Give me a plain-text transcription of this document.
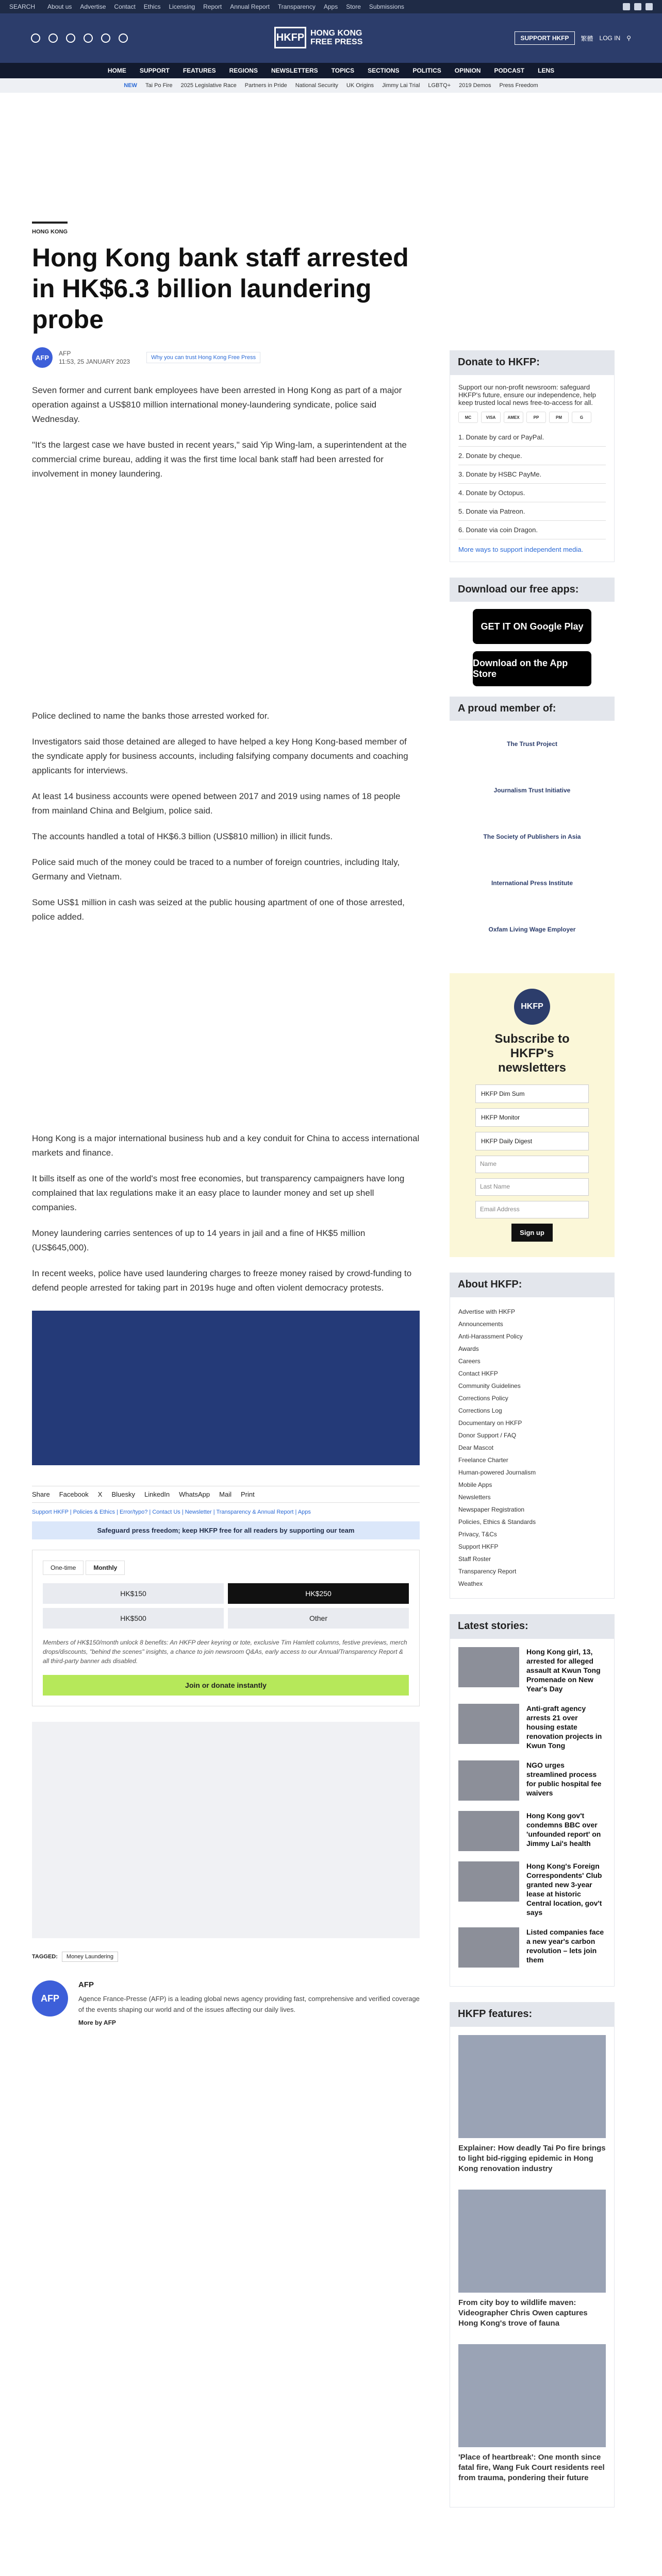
SEARCH About us Advertise Contact Ethics Licensing Report Annual Report Transparency Apps Store Submissions
HKFP HONG KONG
FREE PRESS	SUPPORT HKFP	繁體 LOG IN ⚲
HOME SUPPORT FEATURES REGIONS NEWSLETTERS TOPICS SECTIONS POLITICS OPINION PODCAST LENS
NEW Tai Po Fire 2025 Legislative Race Partners in Pride National Security UK Origins Jimmy Lai Trial LGBTQ+ 2019 Demos Press Freedom
HONG KONG
Hong Kong bank staff arrested in HK$6.3 billion laundering probe
AFP
AFP
11:53, 25 JANUARY 2023
Why you can trust Hong Kong Free Press

Seven former and current bank employees have been arrested in Hong Kong as part of a major operation against a US$810 million international money-laundering syndicate, police said Wednesday.

"It's the largest case we have busted in recent years," said Yip Wing-lam, a superintendent at the commercial crime bureau, adding it was the first time local bank staff had been arrested for involvement in money laundering.

Police declined to name the banks those arrested worked for.

Investigators said those detained are alleged to have helped a key Hong Kong-based member of the syndicate apply for business accounts, including falsifying company documents and coaching applicants for interviews.

At least 14 business accounts were opened between 2017 and 2019 using names of 18 people from mainland China and Belgium, police said.

The accounts handled a total of HK$6.3 billion (US$810 million) in illicit funds.

Police said much of the money could be traced to a number of foreign countries, including Italy, Germany and Vietnam.

Some US$1 million in cash was seized at the public housing apartment of one of those arrested, police added.

Hong Kong is a major international business hub and a key conduit for China to access international markets and finance.

It bills itself as one of the world's most free economies, but transparency campaigners have long complained that lax regulations make it an easy place to launder money and set up shell companies.

Money laundering carries sentences of up to 14 years in jail and a fine of HK$5 million (US$645,000).

In recent weeks, police have used laundering charges to freeze money raised by crowd-funding to defend people arrested for taking part in 2019s huge and often violent democracy protests.

Share Facebook X Bluesky LinkedIn WhatsApp Mail Print
Support HKFP | Policies & Ethics | Error/typo? | Contact Us | Newsletter | Transparency & Annual Report | Apps
Safeguard press freedom; keep HKFP free for all readers by supporting our team
One-time	Monthly
HK$150	HK$250
HK$500	Other
Members of HK$150/month unlock 8 benefits: An HKFP deer keyring or tote, exclusive Tim Hamlett columns, festive previews, merch drops/discounts, "behind the scenes" insights, a chance to join newsroom Q&As, early access to our Annual/Transparency Report & all third-party banner ads disabled.
Join or donate instantly
TAGGED: Money Laundering
AFP
AFP
Agence France-Presse (AFP) is a leading global news agency providing fast, comprehensive and verified coverage of the events shaping our world and of the issues affecting our daily lives.
More by AFP
Donate to HKFP:
Support our non-profit newsroom: safeguard HKFP's future, ensure our independence, help keep trusted local news free-to-access for all.
MC	VISA	AMEX	PP	PM	G
1. Donate by card or PayPal.
2. Donate by cheque.
3. Donate by HSBC PayMe.
4. Donate by Octopus.
5. Donate via Patreon.
6. Donate via coin Dragon.
More ways to support independent media.
Download our free apps:
GET IT ON Google Play
Download on the App Store
A proud member of:
The Trust Project
Journalism Trust Initiative
The Society of Publishers in Asia
International Press Institute
Oxfam Living Wage Employer
HKFP
Subscribe to HKFP's newsletters
HKFP Dim Sum
HKFP Monitor
HKFP Daily Digest
Name
Last Name
Email Address
Sign up
About HKFP:
Advertise with HKFP
Announcements
Anti-Harassment Policy
Awards
Careers
Contact HKFP
Community Guidelines
Corrections Policy
Corrections Log
Documentary on HKFP
Donor Support / FAQ
Dear Mascot
Freelance Charter
Human-powered Journalism
Mobile Apps
Newsletters
Newspaper Registration
Policies, Ethics & Standards
Privacy, T&Cs
Support HKFP
Staff Roster
Transparency Report
Weathex
Latest stories:
Hong Kong girl, 13, arrested for alleged assault at Kwun Tong Promenade on New Year's Day
Anti-graft agency arrests 21 over housing estate renovation projects in Kwun Tong
NGO urges streamlined process for public hospital fee waivers
Hong Kong gov't condemns BBC over 'unfounded report' on Jimmy Lai's health
Hong Kong's Foreign Correspondents' Club granted new 3-year lease at historic Central location, gov't says
Listed companies face a new year's carbon revolution – lets join them
HKFP features:
Explainer: How deadly Tai Po fire brings to light bid-rigging epidemic in Hong Kong renovation industry
From city boy to wildlife maven: Videographer Chris Owen captures Hong Kong's trove of fauna
'Place of heartbreak': One month since fatal fire, Wang Fuk Court residents reel from trauma, pondering their future
